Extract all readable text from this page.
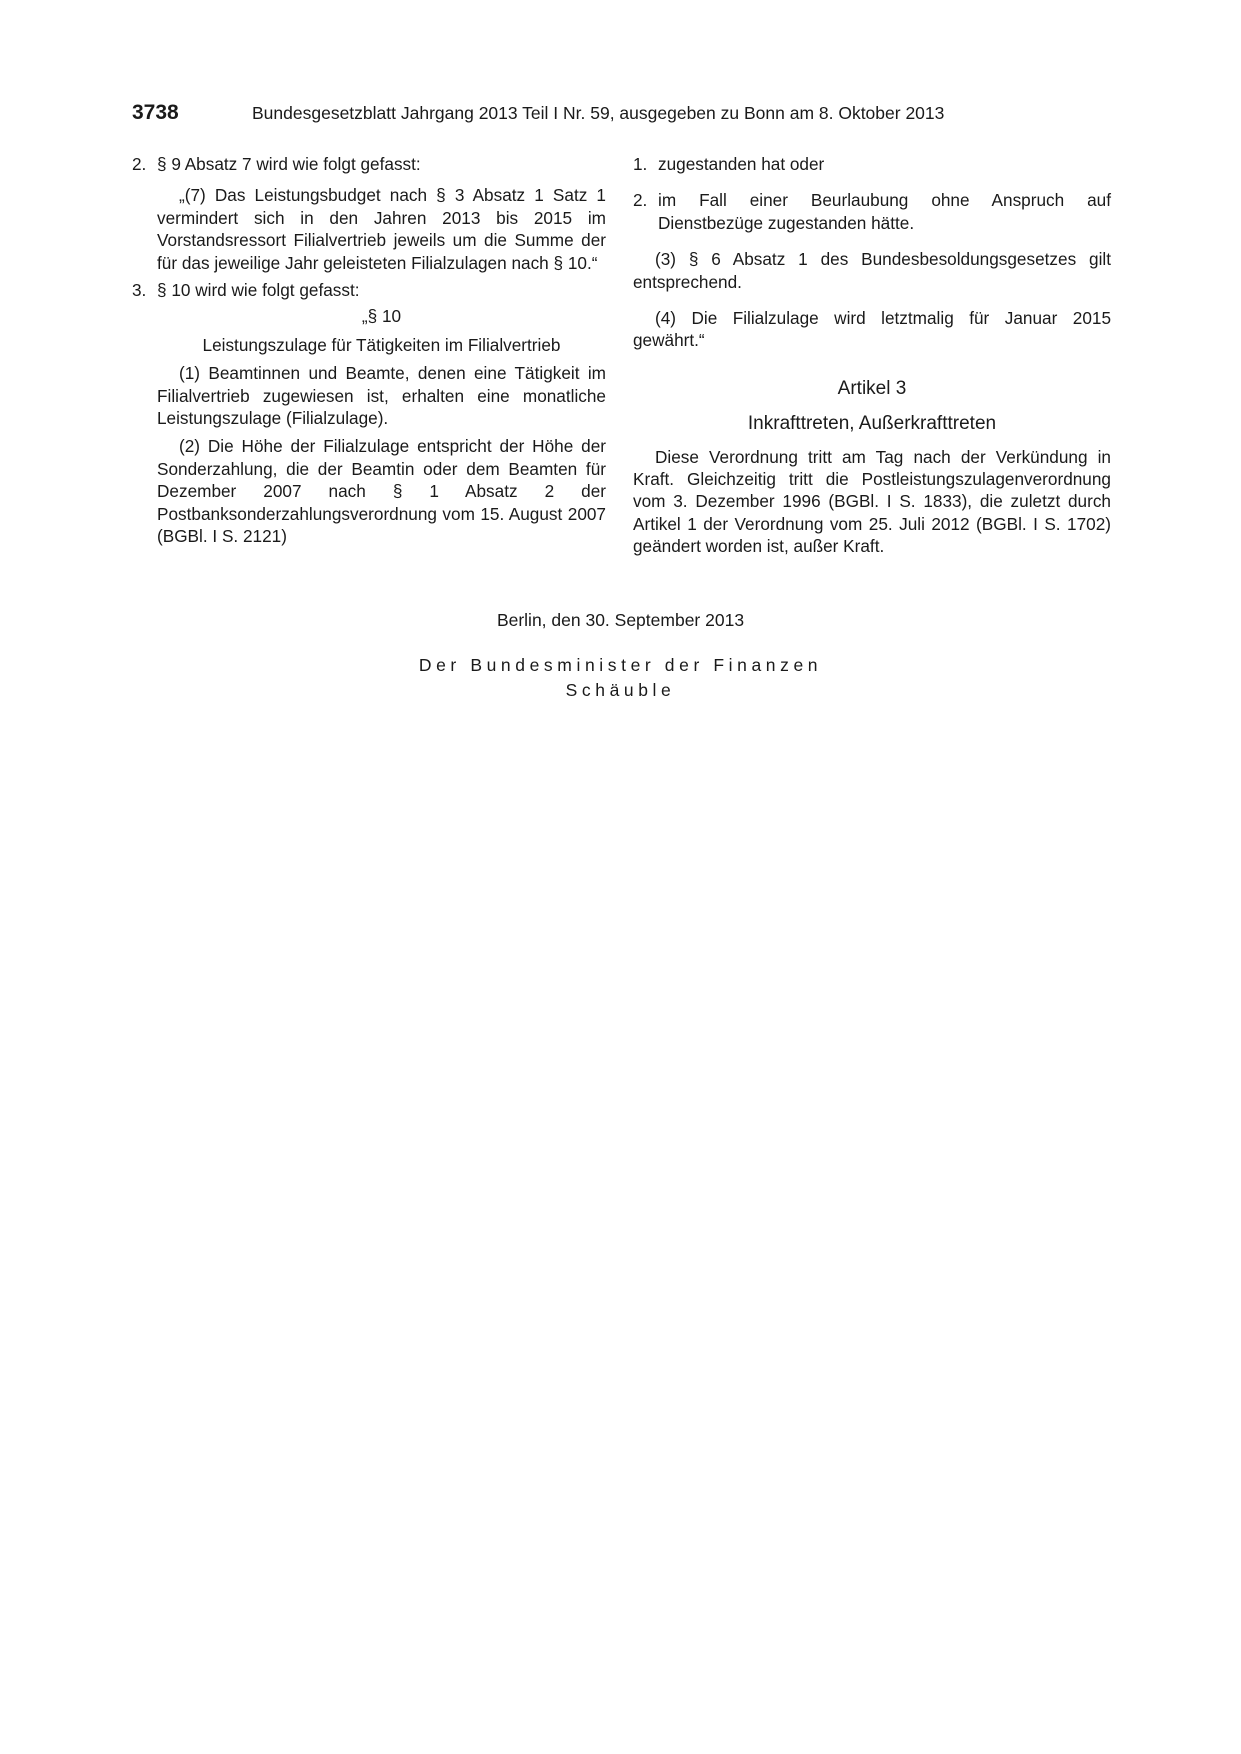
3738	Bundesgesetzblatt Jahrgang 2013 Teil I Nr. 59, ausgegeben zu Bonn am 8. Oktober 2013
2. § 9 Absatz 7 wird wie folgt gefasst:

„(7) Das Leistungsbudget nach § 3 Absatz 1 Satz 1 vermindert sich in den Jahren 2013 bis 2015 im Vorstandsressort Filialvertrieb jeweils um die Summe der für das jeweilige Jahr geleisteten Filialzulagen nach § 10.“

3. § 10 wird wie folgt gefasst:

„§ 10

Leistungszulage für Tätigkeiten im Filialvertrieb

(1) Beamtinnen und Beamte, denen eine Tätigkeit im Filialvertrieb zugewiesen ist, erhalten eine monatliche Leistungszulage (Filialzulage).

(2) Die Höhe der Filialzulage entspricht der Höhe der Sonderzahlung, die der Beamtin oder dem Beamten für Dezember 2007 nach § 1 Absatz 2 der Postbanksonderzahlungsverordnung vom 15. August 2007 (BGBl. I S. 2121)

1. zugestanden hat oder
2. im Fall einer Beurlaubung ohne Anspruch auf Dienstbezüge zugestanden hätte.

(3) § 6 Absatz 1 des Bundesbesoldungsgesetzes gilt entsprechend.

(4) Die Filialzulage wird letztmalig für Januar 2015 gewährt.“

Artikel 3

Inkrafttreten, Außerkrafttreten

Diese Verordnung tritt am Tag nach der Verkündung in Kraft. Gleichzeitig tritt die Postleistungszulagenverordnung vom 3. Dezember 1996 (BGBl. I S. 1833), die zuletzt durch Artikel 1 der Verordnung vom 25. Juli 2012 (BGBl. I S. 1702) geändert worden ist, außer Kraft.

Berlin, den 30. September 2013

Der Bundesminister der Finanzen

Schäuble
